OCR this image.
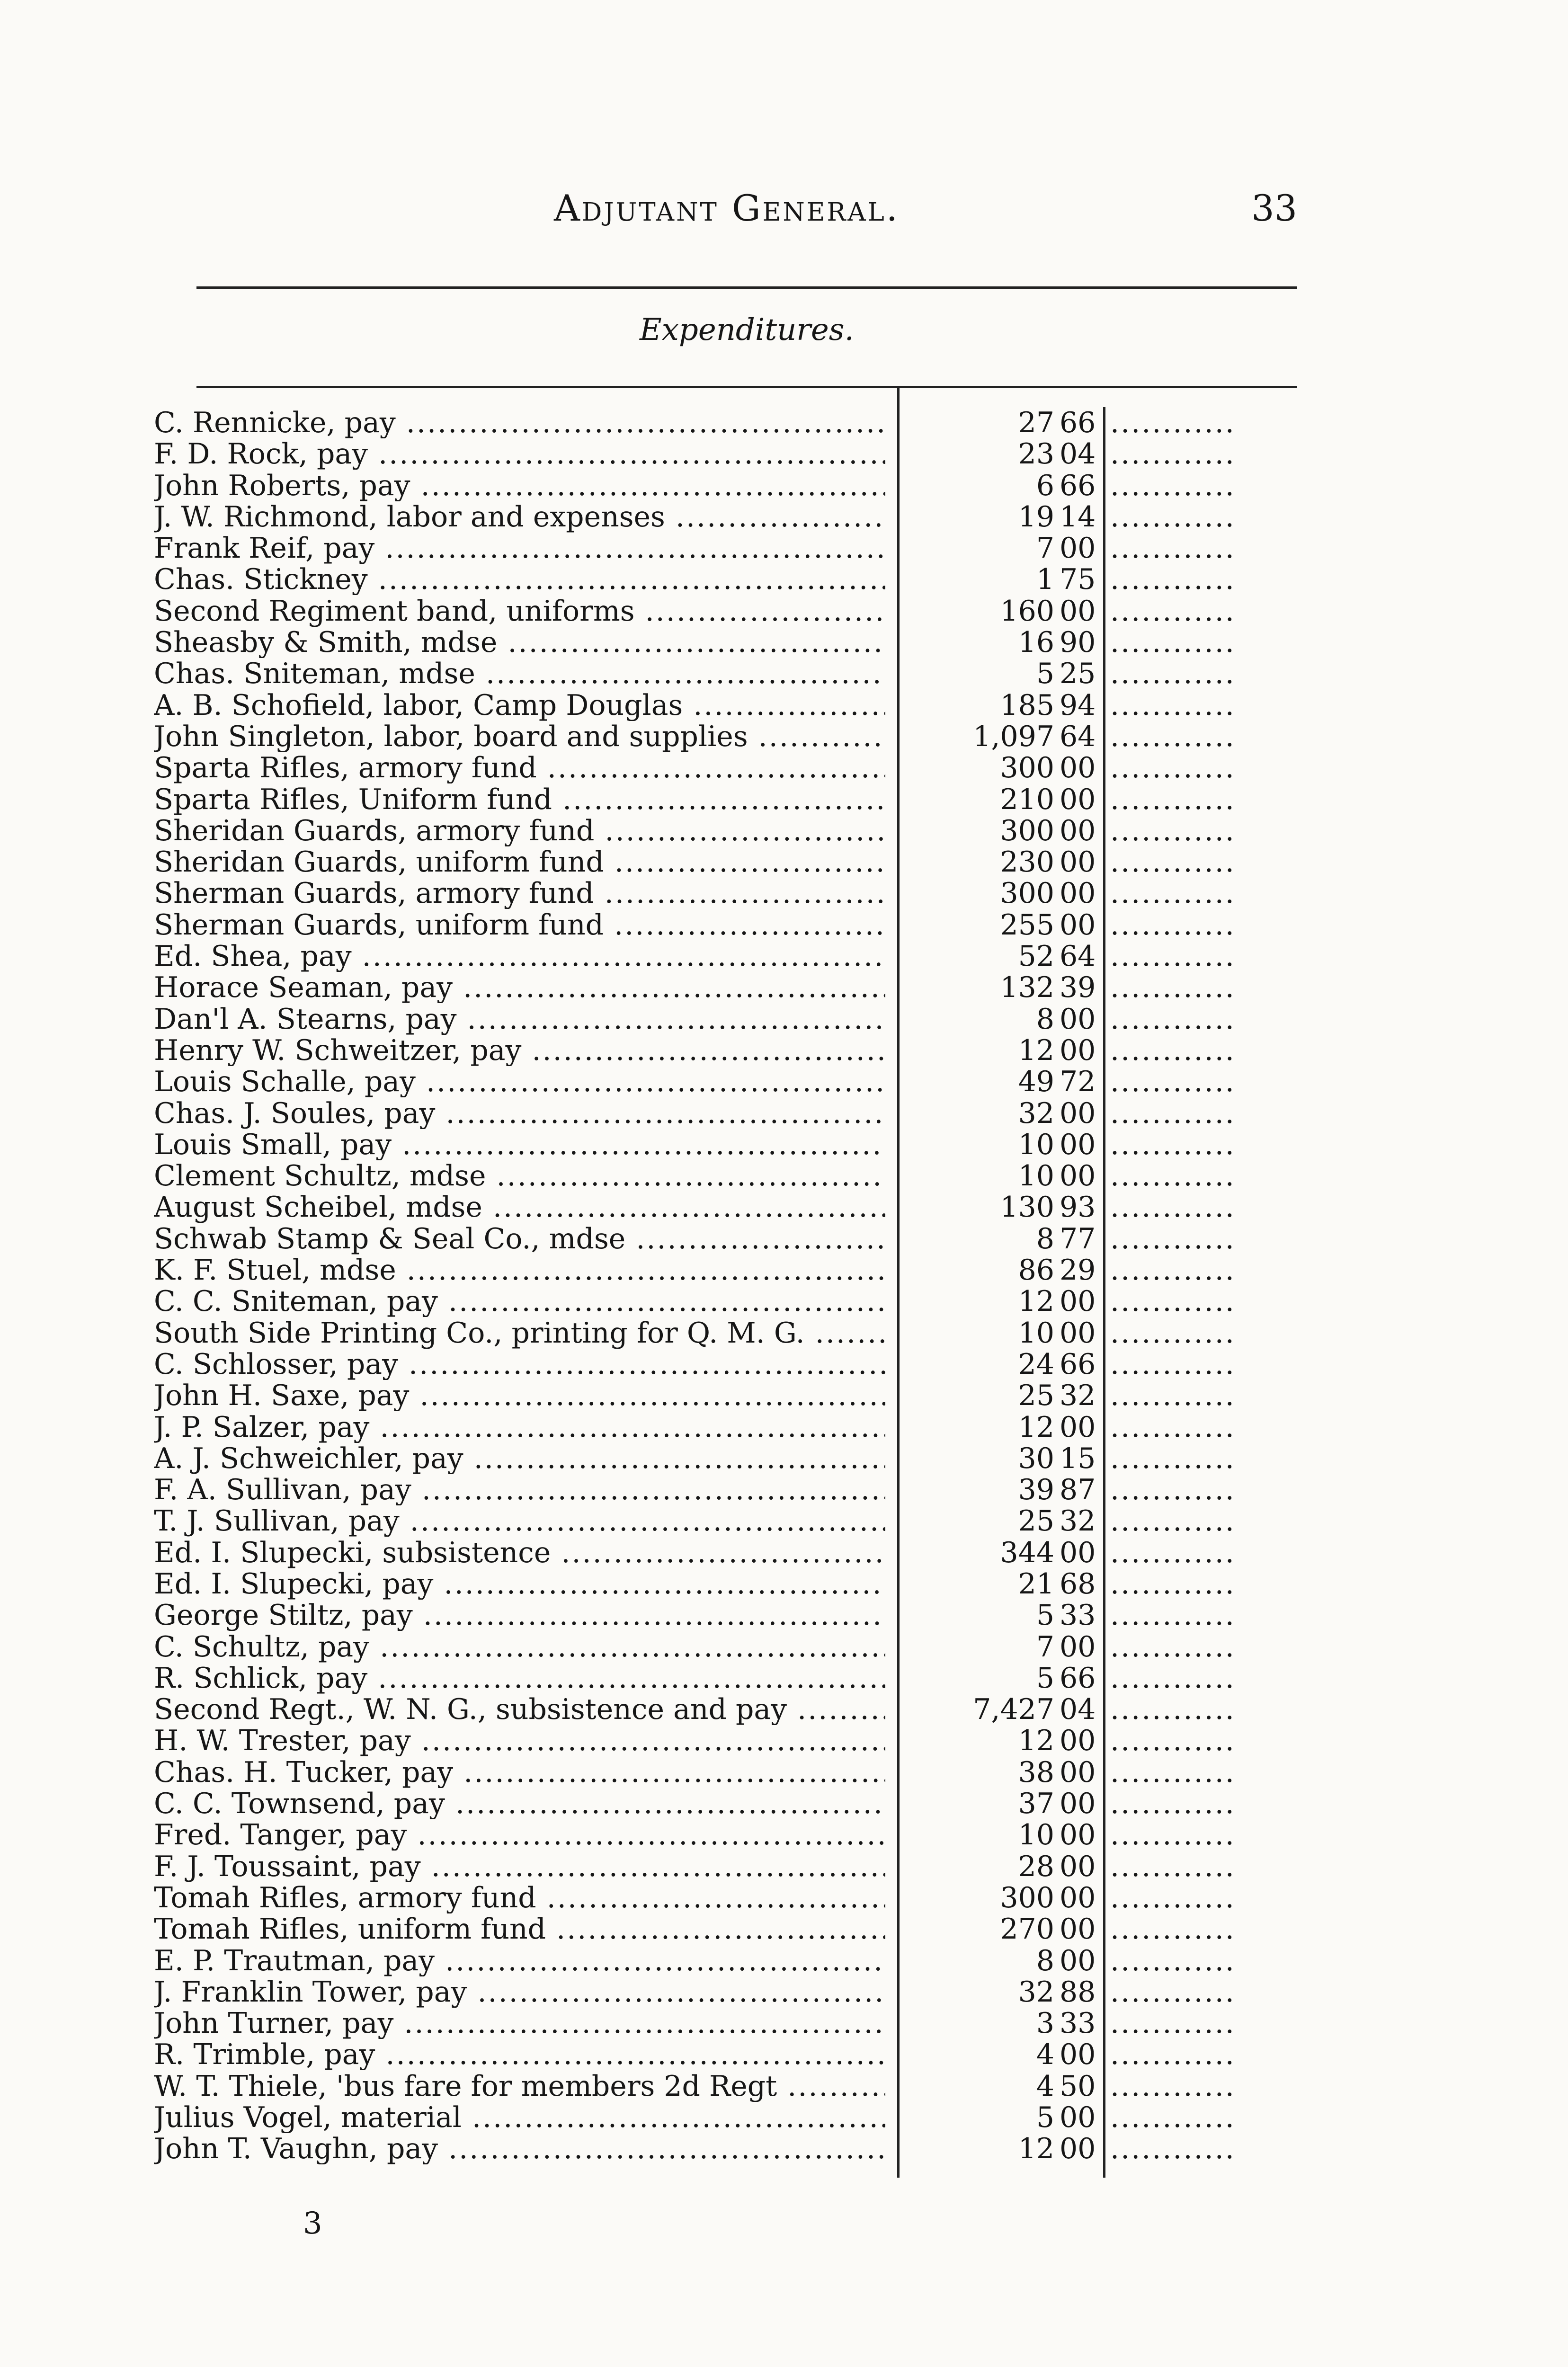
Adjutant General.	33
Expenditures.
C. Rennicke, pay .....	27 66 ............
F. D. Rock, pay .....	23 04 ............
John Roberts, pay .....	6 66 ............
J. W. Richmond, labor and expenses .....	19 14 ............
Frank Reif, pay .....	7 00 ............
Chas. Stickney .....	1 75 ............
Second Regiment band, uniforms .....	160 00 ............
Sheasby & Smith, mdse .....	16 90 ............
Chas. Sniteman, mdse .....	5 25 ............
A. B. Schofield, labor, Camp Douglas .....	185 94 ............
John Singleton, labor, board and supplies .....	1,097 64 ............
Sparta Rifles, armory fund .....	300 00 ............
Sparta Rifles, Uniform fund .....	210 00 ............
Sheridan Guards, armory fund .....	300 00 ............
Sheridan Guards, uniform fund .....	230 00 ............
Sherman Guards, armory fund .....	300 00 ............
Sherman Guards, uniform fund .....	255 00 ............
Ed. Shea, pay .....	52 64 ............
Horace Seaman, pay .....	132 39 ............
Dan'l A. Stearns, pay .....	8 00 ............
Henry W. Schweitzer, pay .....	12 00 ............
Louis Schalle, pay .....	49 72 ............
Chas. J. Soules, pay .....	32 00 ............
Louis Small, pay .....	10 00 ............
Clement Schultz, mdse .....	10 00 ............
August Scheibel, mdse .....	130 93 ............
Schwab Stamp & Seal Co., mdse .....	8 77 ............
K. F. Stuel, mdse .....	86 29 ............
C. C. Sniteman, pay .....	12 00 ............
South Side Printing Co., printing for Q. M. G. .....	10 00 ............
C. Schlosser, pay .....	24 66 ............
John H. Saxe, pay .....	25 32 ............
J. P. Salzer, pay .....	12 00 ............
A. J. Schweichler, pay .....	30 15 ............
F. A. Sullivan, pay .....	39 87 ............
T. J. Sullivan, pay .....	25 32 ............
Ed. I. Slupecki, subsistence .....	344 00 ............
Ed. I. Slupecki, pay .....	21 68 ............
George Stiltz, pay .....	5 33 ............
C. Schultz, pay .....	7 00 ............
R. Schlick, pay .....	5 66 ............
Second Regt., W. N. G., subsistence and pay .....	7,427 04 ............
H. W. Trester, pay .....	12 00 ............
Chas. H. Tucker, pay .....	38 00 ............
C. C. Townsend, pay .....	37 00 ............
Fred. Tanger, pay .....	10 00 ............
F. J. Toussaint, pay .....	28 00 ............
Tomah Rifles, armory fund .....	300 00 ............
Tomah Rifles, uniform fund .....	270 00 ............
E. P. Trautman, pay .....	8 00 ............
J. Franklin Tower, pay .....	32 88 ............
John Turner, pay .....	3 33 ............
R. Trimble, pay .....	4 00 ............
W. T. Thiele, 'bus fare for members 2d Regt .....	4 50 ............
Julius Vogel, material .....	5 00 ............
John T. Vaughn, pay .....	12 00 ............
3
